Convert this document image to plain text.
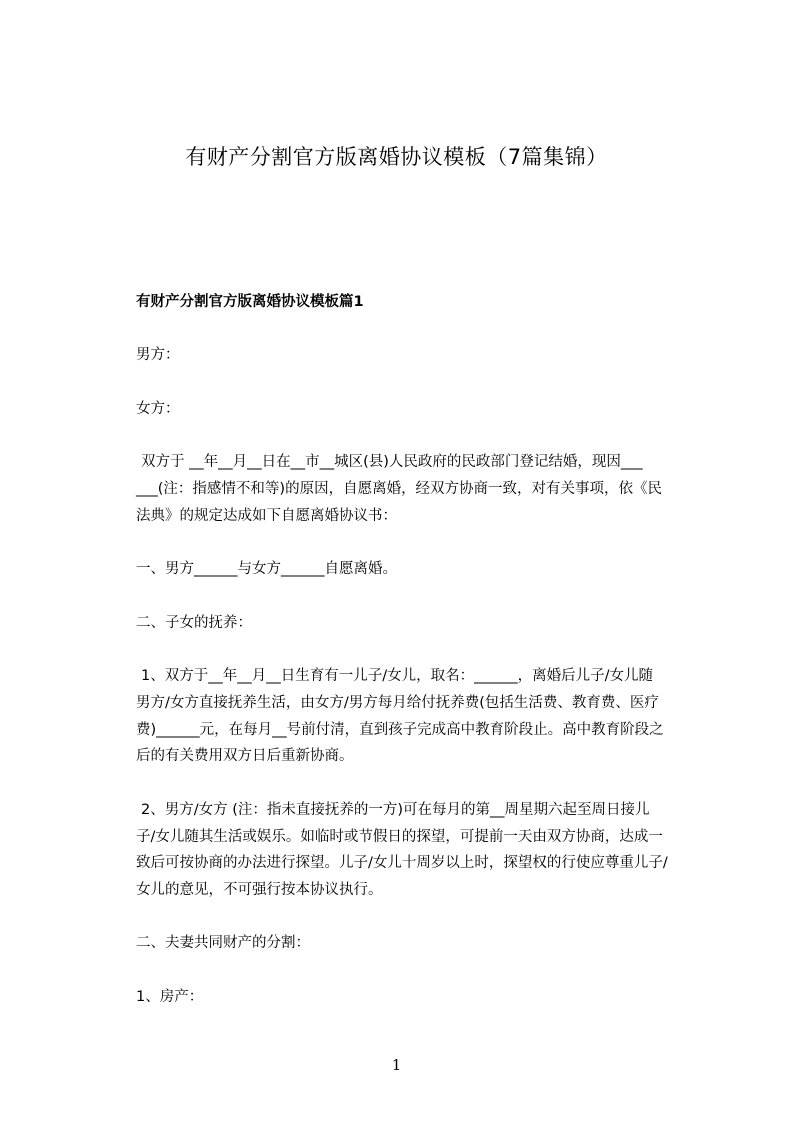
有财产分割官方版离婚协议模板（7篇集锦）
有财产分割官方版离婚协议模板篇1
男方：
女方：
双方于 __年__月__日在__市__城区(县)人民政府的民政部门登记结婚，现因___
___(注：指感情不和等)的原因，自愿离婚，经双方协商一致，对有关事项，依《民
法典》的规定达成如下自愿离婚协议书：
一、男方______与女方______自愿离婚。
二、子女的抚养：
1、双方于__年__月__日生育有一儿子/女儿，取名：______，离婚后儿子/女儿随
男方/女方直接抚养生活，由女方/男方每月给付抚养费(包括生活费、教育费、医疗
费)______元，在每月__号前付清，直到孩子完成高中教育阶段止。高中教育阶段之
后的有关费用双方日后重新协商。
2、男方/女方 (注：指未直接抚养的一方)可在每月的第__周星期六起至周日接儿
子/女儿随其生活或娱乐。如临时或节假日的探望，可提前一天由双方协商，达成一
致后可按协商的办法进行探望。儿子/女儿十周岁以上时，探望权的行使应尊重儿子/
女儿的意见，不可强行按本协议执行。
二、夫妻共同财产的分割：
1、房产：
1
